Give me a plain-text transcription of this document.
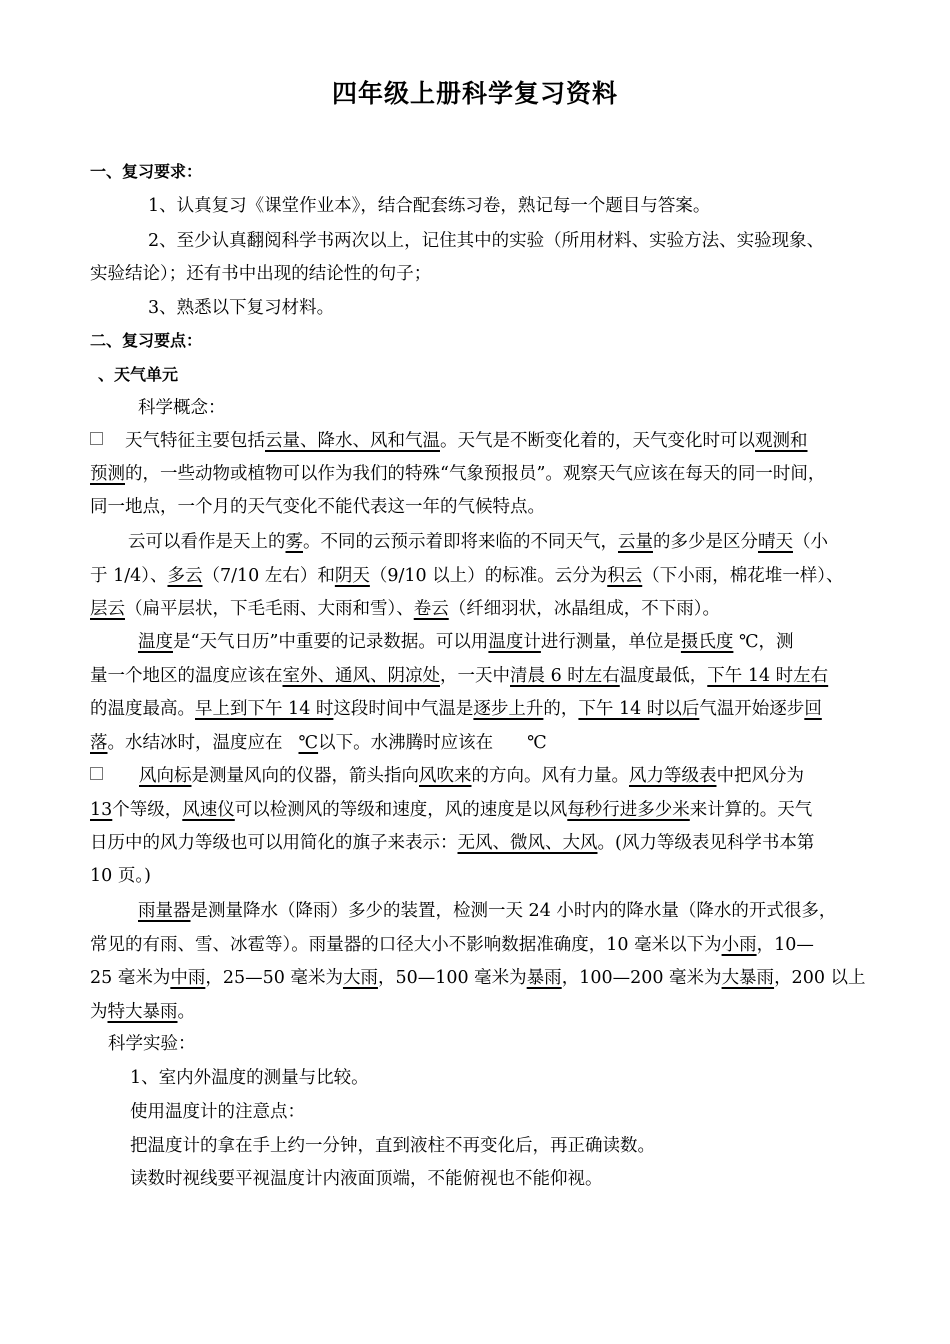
四年级上册科学复习资料
一、复习要求：
1、认真复习《课堂作业本》，结合配套练习卷，熟记每一个题目与答案。
2、至少认真翻阅科学书两次以上，记住其中的实验（所用材料、实验方法、实验现象、
实验结论）；还有书中出现的结论性的句子；
3、熟悉以下复习材料。
二、复习要点：
、天气单元
科学概念：
天气特征主要包括云量、降水、风和气温。天气是不断变化着的，天气变化时可以观测和
预测的，一些动物或植物可以作为我们的特殊“气象预报员”。观察天气应该在每天的同一时间，
同一地点，一个月的天气变化不能代表这一年的气候特点。
云可以看作是天上的雾。不同的云预示着即将来临的不同天气，云量的多少是区分晴天（小
于 1/4）、多云（7/10 左右）和阴天（9/10 以上）的标准。云分为积云（下小雨，棉花堆一样）、
层云（扁平层状，下毛毛雨、大雨和雪）、卷云（纤细羽状，冰晶组成，不下雨）。
温度是“天气日历”中重要的记录数据。可以用温度计进行测量，单位是摄氏度 ℃，测
量一个地区的温度应该在室外、通风、阴凉处，一天中清晨 6 时左右温度最低，下午 14 时左右
的温度最高。早上到下午 14 时这段时间中气温是逐步上升的，下午 14 时以后气温开始逐步回
落。水结冰时，温度应在 ℃以下。水沸腾时应该在 ℃
风向标是测量风向的仪器，箭头指向风吹来的方向。风有力量。风力等级表中把风分为
13个等级，风速仪可以检测风的等级和速度，风的速度是以风每秒行进多少米来计算的。天气
日历中的风力等级也可以用简化的旗子来表示：无风、微风、大风。(风力等级表见科学书本第
10 页。)
雨量器是测量降水（降雨）多少的装置，检测一天 24 小时内的降水量（降水的开式很多，
常见的有雨、雪、冰雹等）。雨量器的口径大小不影响数据准确度，10 毫米以下为小雨，10—
25 毫米为中雨，25—50 毫米为大雨，50—100 毫米为暴雨，100—200 毫米为大暴雨，200 以上
为特大暴雨。
科学实验：
1、室内外温度的测量与比较。
使用温度计的注意点：
把温度计的拿在手上约一分钟，直到液柱不再变化后，再正确读数。
读数时视线要平视温度计内液面顶端，不能俯视也不能仰视。
